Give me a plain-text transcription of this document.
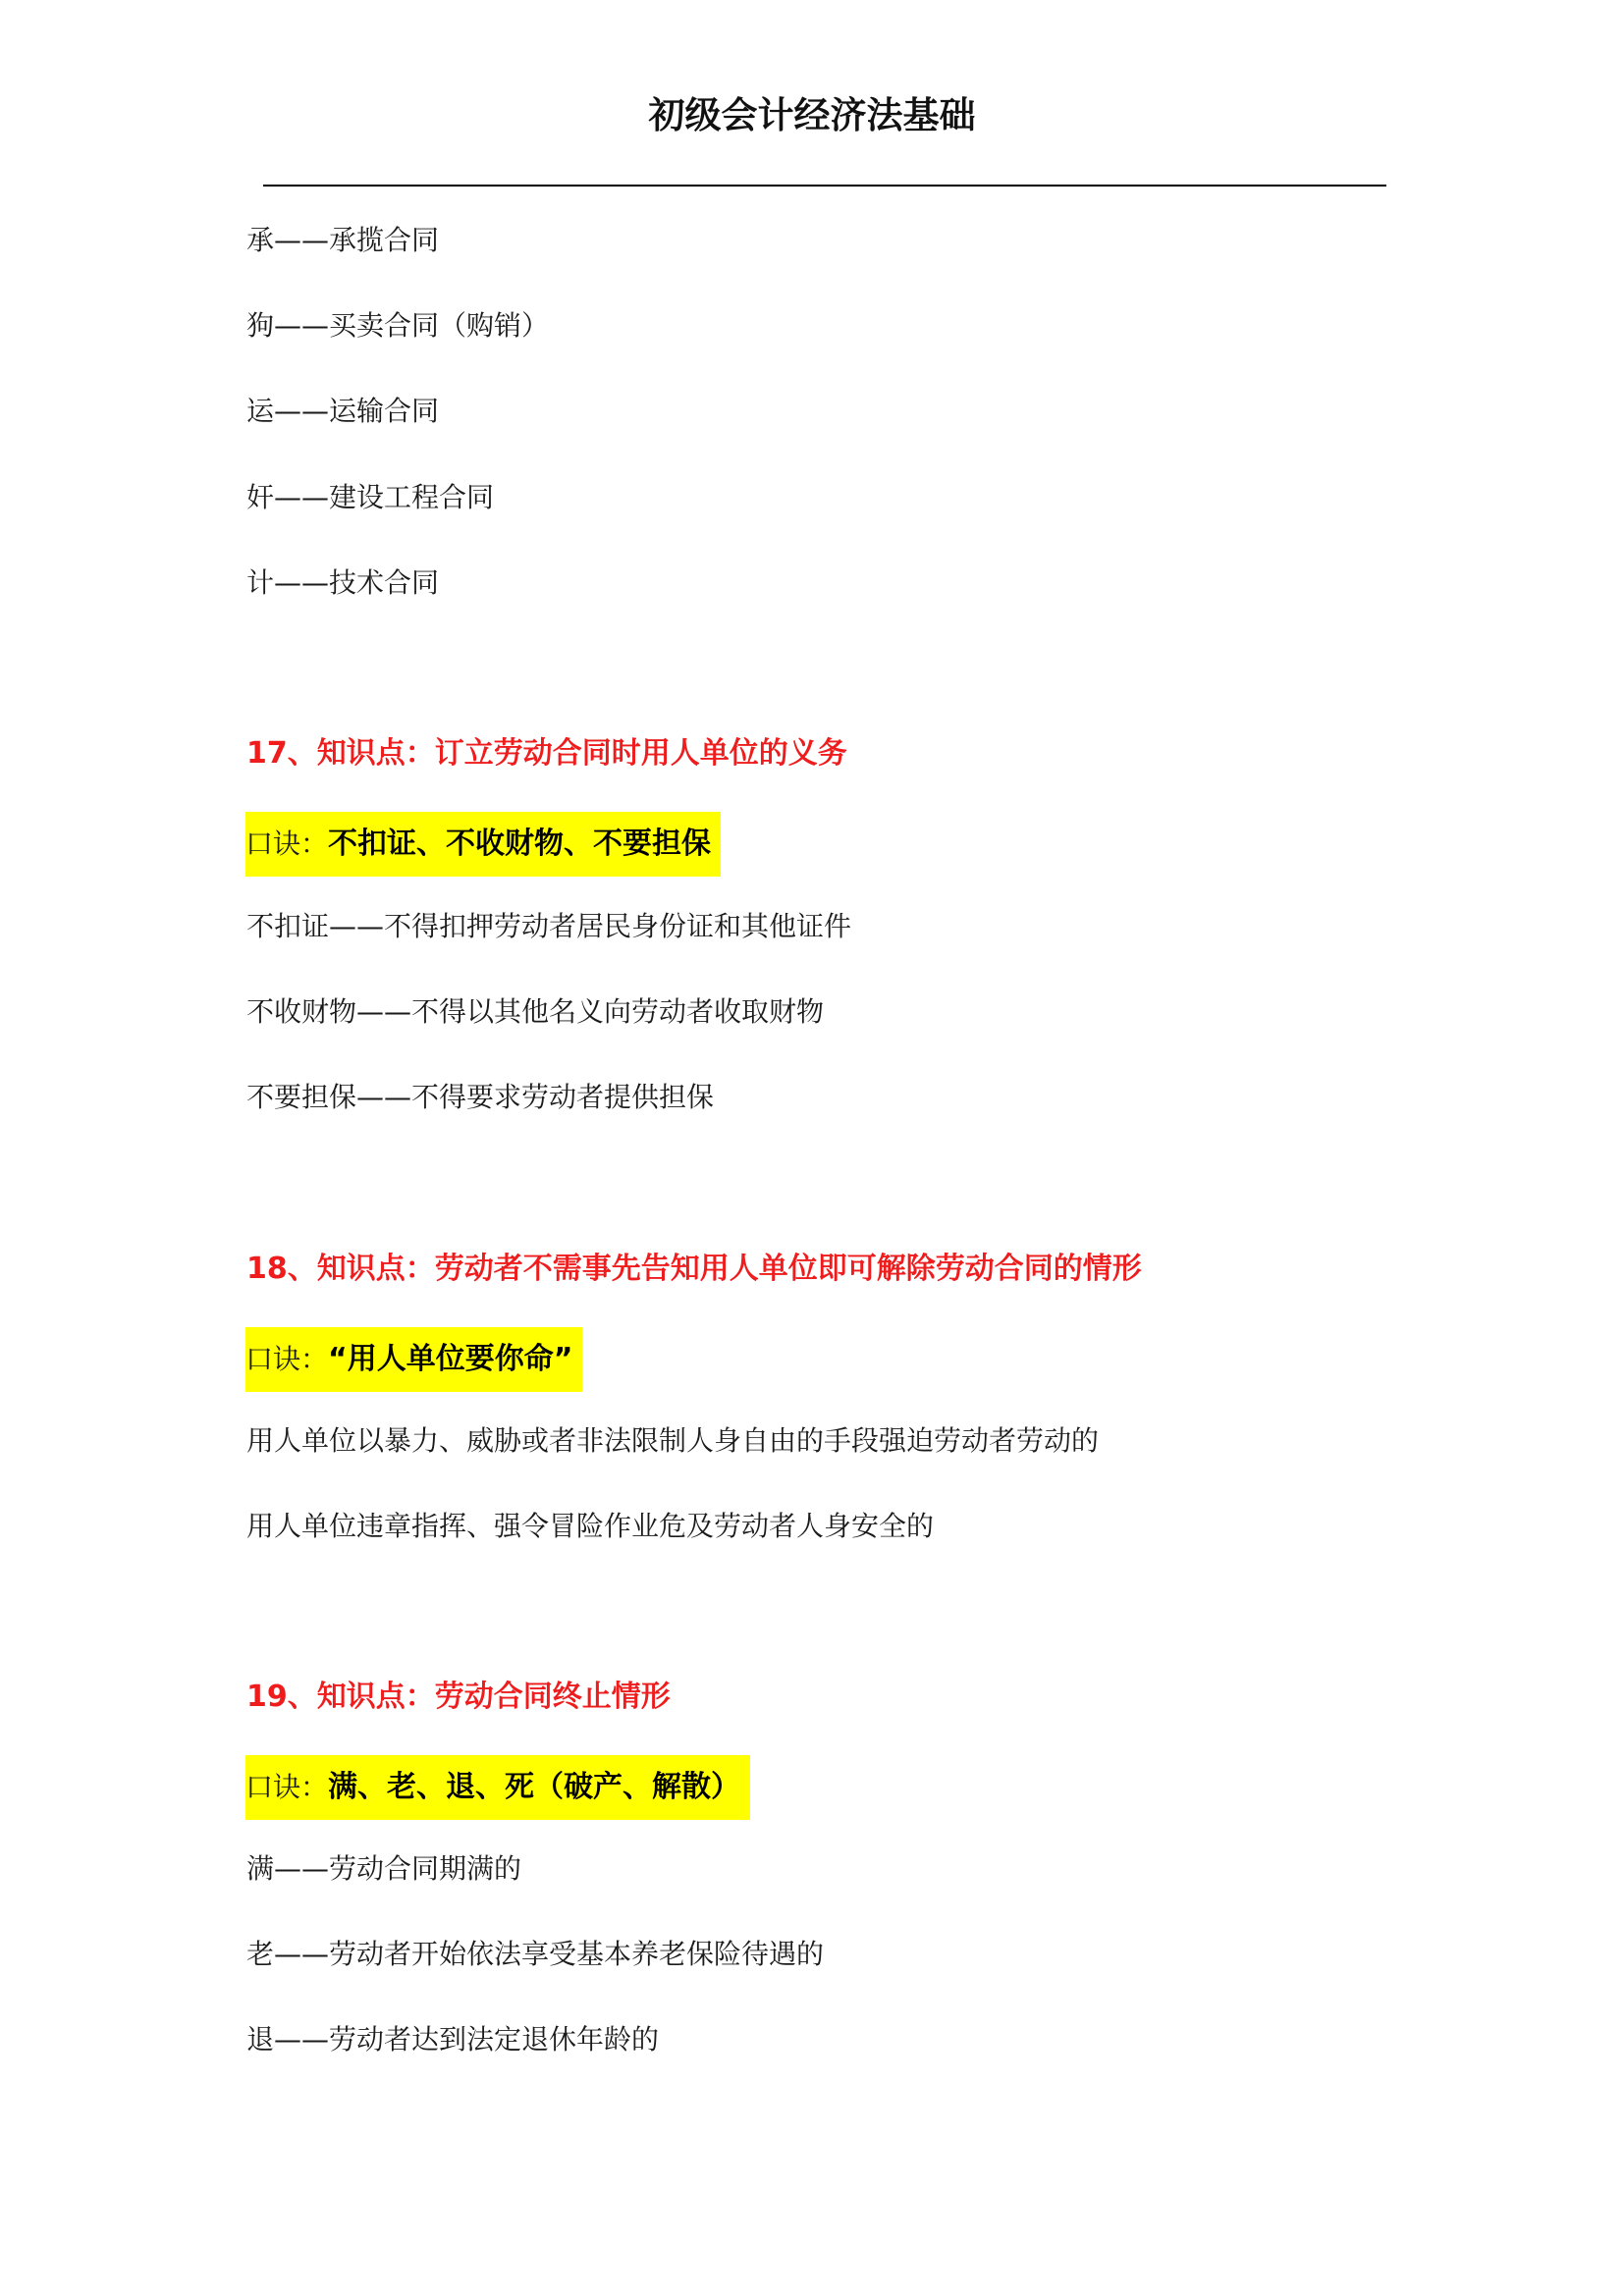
初级会计经济法基础
承——承揽合同
狗——买卖合同（购销）
运——运输合同
奸——建设工程合同
计——技术合同
17、知识点：订立劳动合同时用人单位的义务
口诀：不扣证、不收财物、不要担保
不扣证——不得扣押劳动者居民身份证和其他证件
不收财物——不得以其他名义向劳动者收取财物
不要担保——不得要求劳动者提供担保
18、知识点：劳动者不需事先告知用人单位即可解除劳动合同的情形
口诀：“用人单位要你命”
用人单位以暴力、威胁或者非法限制人身自由的手段强迫劳动者劳动的
用人单位违章指挥、强令冒险作业危及劳动者人身安全的
19、知识点：劳动合同终止情形
口诀：满、老、退、死（破产、解散）
满——劳动合同期满的
老——劳动者开始依法享受基本养老保险待遇的
退——劳动者达到法定退休年龄的
